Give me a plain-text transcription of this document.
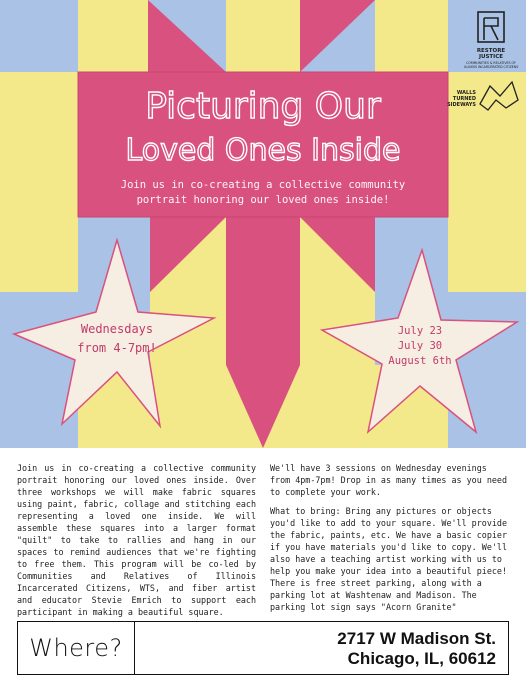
Picturing Our
Loved Ones Inside
Join us in co-creating a collective community
portrait honoring our loved ones inside!
Wednesdays
from 4-7pm!
July 23
July 30
August 6th
RESTORE
JUSTICE
COMMUNITIES & RELATIVES OF
ILLINOIS INCARCERATED CITIZENS
WALLS
TURNED
SIDEWAYS

Join us in co-creating a collective community portrait honoring our loved ones inside. Over three workshops we will make fabric squares using paint, fabric, collage and stitching each representing a loved one inside. We will assemble these squares into a larger format "quilt" to take to rallies and hang in our spaces to remind audiences that we're fighting to free them. This program will be co-led by Communities and Relatives of Illinois Incarcerated Citizens, WTS, and fiber artist and educator Stevie Emrich to support each participant in making a beautiful square.

We'll have 3 sessions on Wednesday evenings from 4pm-7pm! Drop in as many times as you need to complete your work.

What to bring: Bring any pictures or objects you'd like to add to your square. We'll provide the fabric, paints, etc. We have a basic copier if you have materials you'd like to copy. We'll also have a teaching artist working with us to help you make your idea into a beautiful piece! There is free street parking, along with a parking lot at Washtenaw and Madison. The parking lot sign says "Acorn Granite"

Where?	2717 W Madison St.
Chicago, IL, 60612
